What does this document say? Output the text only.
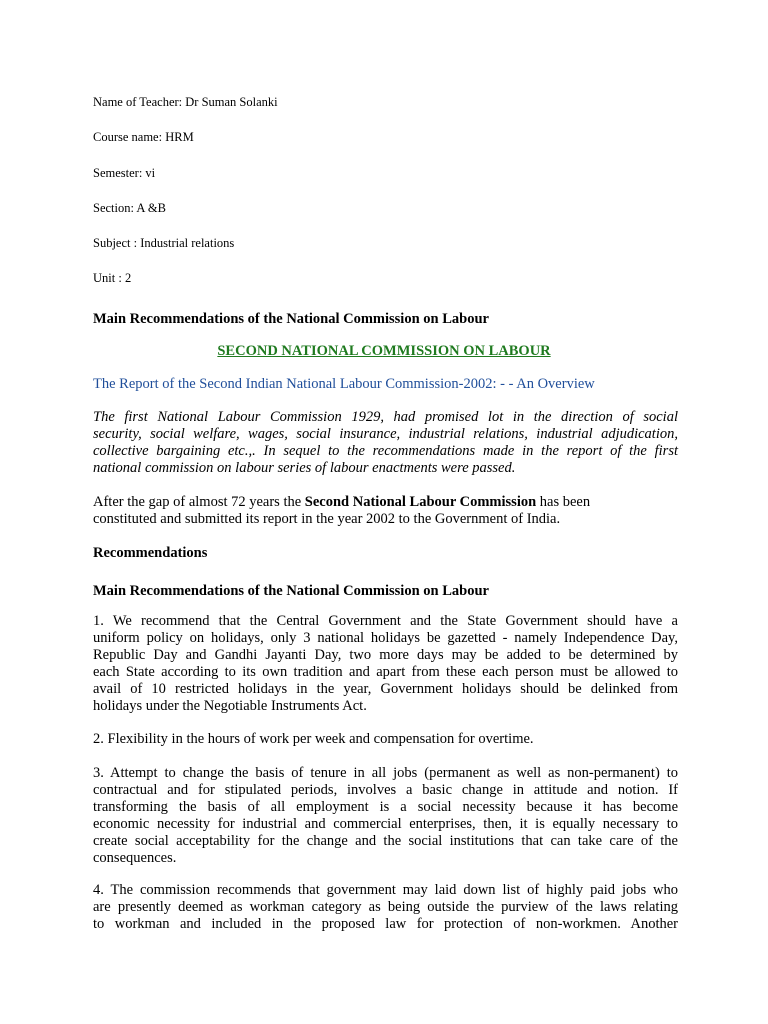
Name of Teacher: Dr Suman Solanki
Course name: HRM
Semester: vi
Section: A &B
Subject : Industrial relations
Unit : 2
Main Recommendations of the National Commission on Labour
SECOND NATIONAL COMMISSION ON LABOUR
The Report of the Second Indian National Labour Commission-2002: - - An Overview
The first National Labour Commission 1929, had promised lot in the direction of social
security, social welfare, wages, social insurance, industrial relations, industrial adjudication,
collective bargaining etc.,. In sequel to the recommendations made in the report of the first
national commission on labour series of labour enactments were passed.
After the gap of almost 72 years the Second National Labour Commission has been
constituted and submitted its report in the year 2002 to the Government of India.
Recommendations
Main Recommendations of the National Commission on Labour
1. We recommend that the Central Government and the State Government should have a
uniform policy on holidays, only 3 national holidays be gazetted - namely Independence Day,
Republic Day and Gandhi Jayanti Day, two more days may be added to be determined by
each State according to its own tradition and apart from these each person must be allowed to
avail of 10 restricted holidays in the year, Government holidays should be delinked from
holidays under the Negotiable Instruments Act.
2. Flexibility in the hours of work per week and compensation for overtime.
3. Attempt to change the basis of tenure in all jobs (permanent as well as non-permanent) to
contractual and for stipulated periods, involves a basic change in attitude and notion. If
transforming the basis of all employment is a social necessity because it has become
economic necessity for industrial and commercial enterprises, then, it is equally necessary to
create social acceptability for the change and the social institutions that can take care of the
consequences.
4. The commission recommends that government may laid down list of highly paid jobs who
are presently deemed as workman category as being outside the purview of the laws relating
to workman and included in the proposed law for protection of non-workmen. Another
